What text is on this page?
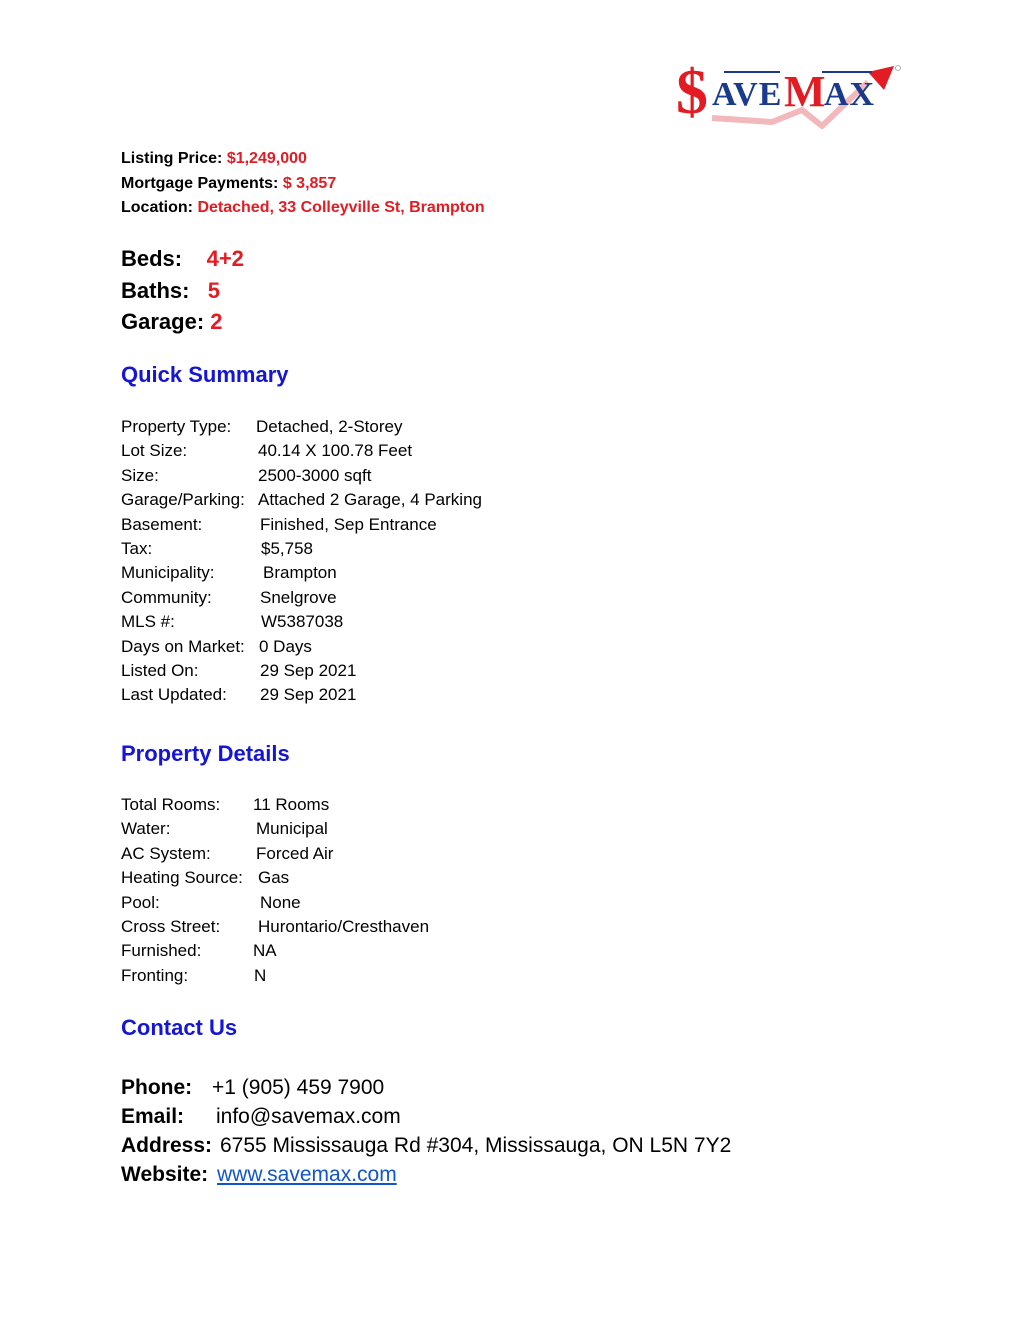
$ AVE M
AX
Listing Price: $1,249,000
Mortgage Payments: $ 3,857
Location: Detached, 33 Colleyville St, Brampton
Beds: 4+2
Baths: 5
Garage: 2
Quick Summary
Property Type: Detached, 2-Storey
Lot Size:	40.14 X 100.78 Feet
Size:	2500-3000 sqft
Garage/Parking: Attached 2 Garage, 4 Parking
Basement:	Finished, Sep Entrance
Tax:	$5,758
Municipality:	Brampton
Community:	Snelgrove
MLS #:	W5387038
Days on Market: 0 Days
Listed On:	29 Sep 2021
Last Updated: 29 Sep 2021
Property Details
Total Rooms: 11 Rooms
Water:	Municipal
AC System:	Forced Air
Heating Source: Gas
Pool:	None
Cross Street: Hurontario/Cresthaven
Furnished:	NA
Fronting:	N
Contact Us
Phone: +1 (905) 459 7900
Email: info@savemax.com
Address: 6755 Mississauga Rd #304, Mississauga, ON L5N 7Y2
Website: www.savemax.com
